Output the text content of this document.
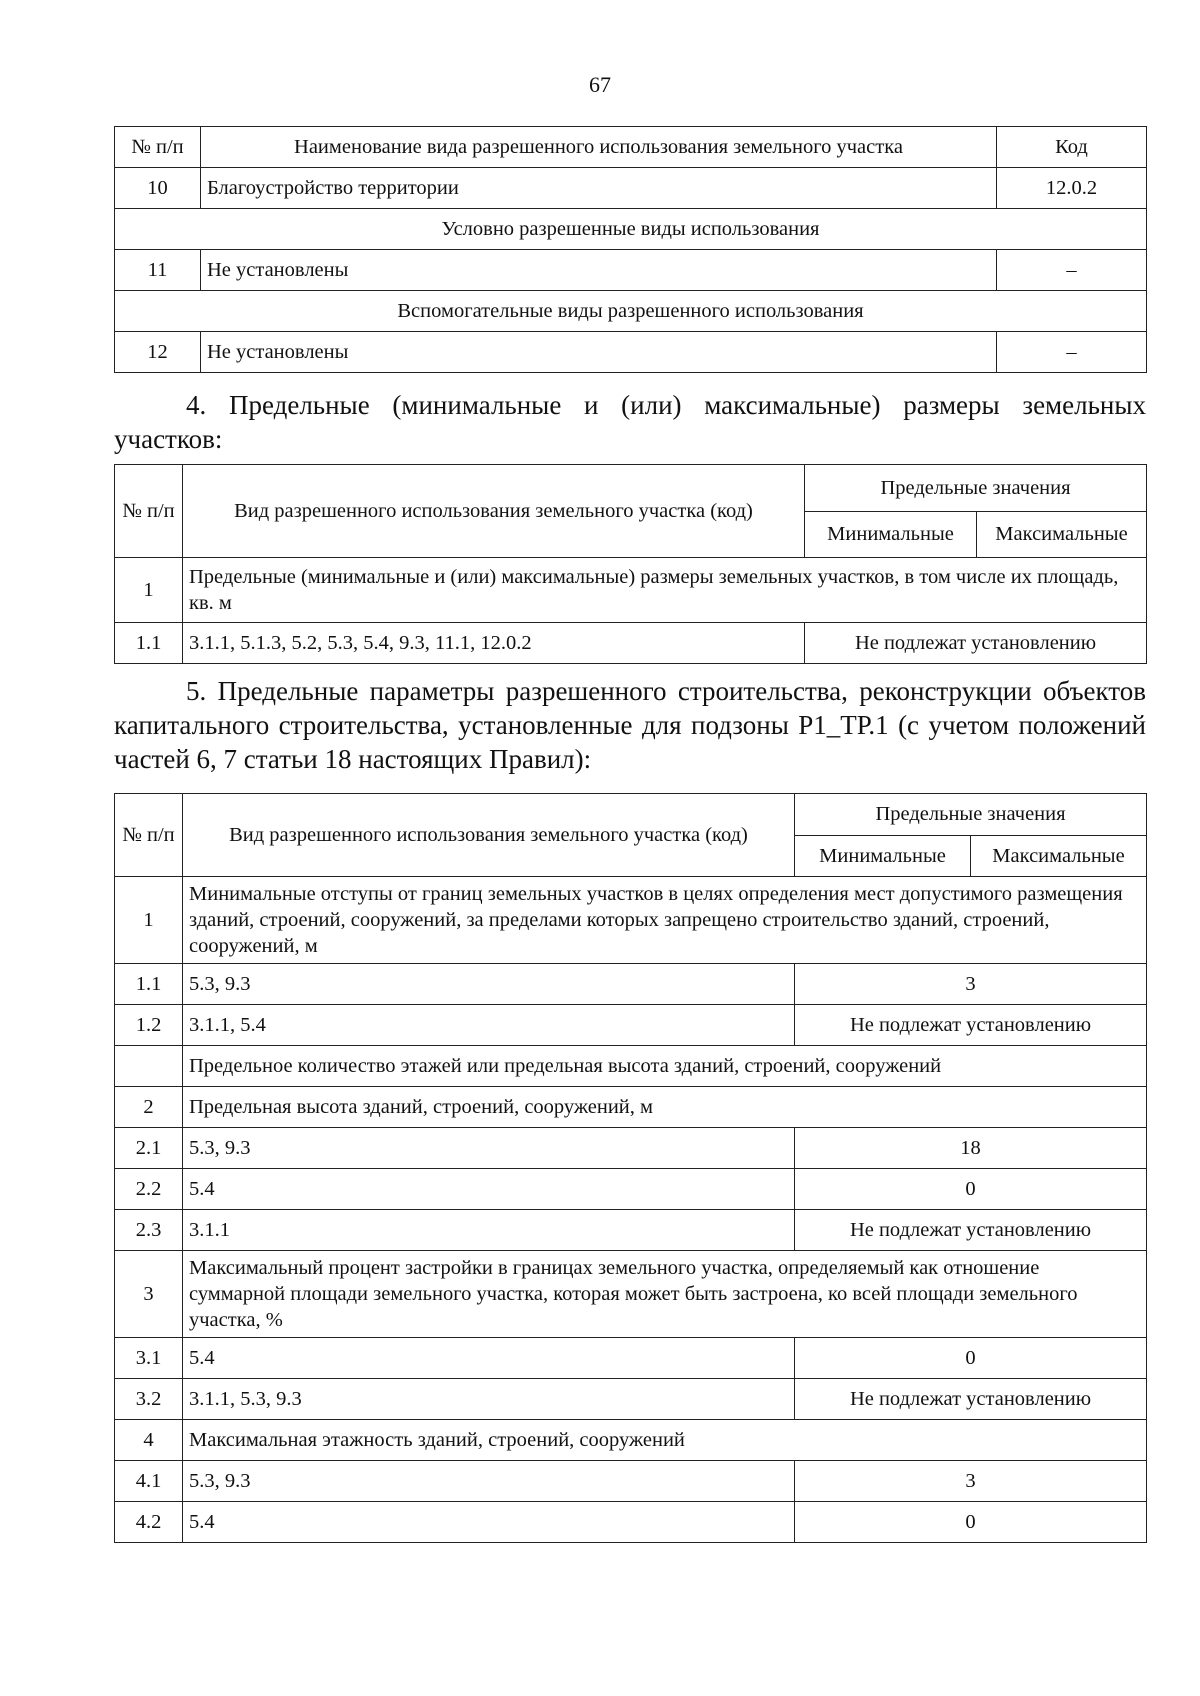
67
№ п/п	Наименование вида разрешенного использования земельного участка	Код
10	Благоустройство территории	12.0.2
Условно разрешенные виды использования		
11	Не установлены	–
Вспомогательные виды разрешенного использования		
12	Не установлены	–
4. Предельные (минимальные и (или) максимальные) размеры земельных участков:
№ п/п	Вид разрешенного использования земельного участка (код)	Предельные значения	
		Минимальные	Максимальные
1	Предельные (минимальные и (или) максимальные) размеры земельных участков, в том числе их площадь, кв. м		
1.1	3.1.1, 5.1.3, 5.2, 5.3, 5.4, 9.3, 11.1, 12.0.2	Не подлежат установлению	
5. Предельные параметры разрешенного строительства, реконструкции объектов капитального строительства, установленные для подзоны Р1_ТР.1 (с учетом положений частей 6, 7 статьи 18 настоящих Правил):
№ п/п	Вид разрешенного использования земельного участка (код)	Предельные значения	
		Минимальные	Максимальные
1	Минимальные отступы от границ земельных участков в целях определения мест допустимого размещения зданий, строений, сооружений, за пределами которых запрещено строительство зданий, строений, сооружений, м		
1.1	5.3, 9.3	3	
1.2	3.1.1, 5.4	Не подлежат установлению	
	Предельное количество этажей или предельная высота зданий, строений, сооружений		
2	Предельная высота зданий, строений, сооружений, м		
2.1	5.3, 9.3	18	
2.2	5.4	0	
2.3	3.1.1	Не подлежат установлению	
3	Максимальный процент застройки в границах земельного участка, определяемый как отношение суммарной площади земельного участка, которая может быть застроена, ко всей площади земельного участка, %		
3.1	5.4	0	
3.2	3.1.1, 5.3, 9.3	Не подлежат установлению	
4	Максимальная этажность зданий, строений, сооружений		
4.1	5.3, 9.3	3	
4.2	5.4	0	
